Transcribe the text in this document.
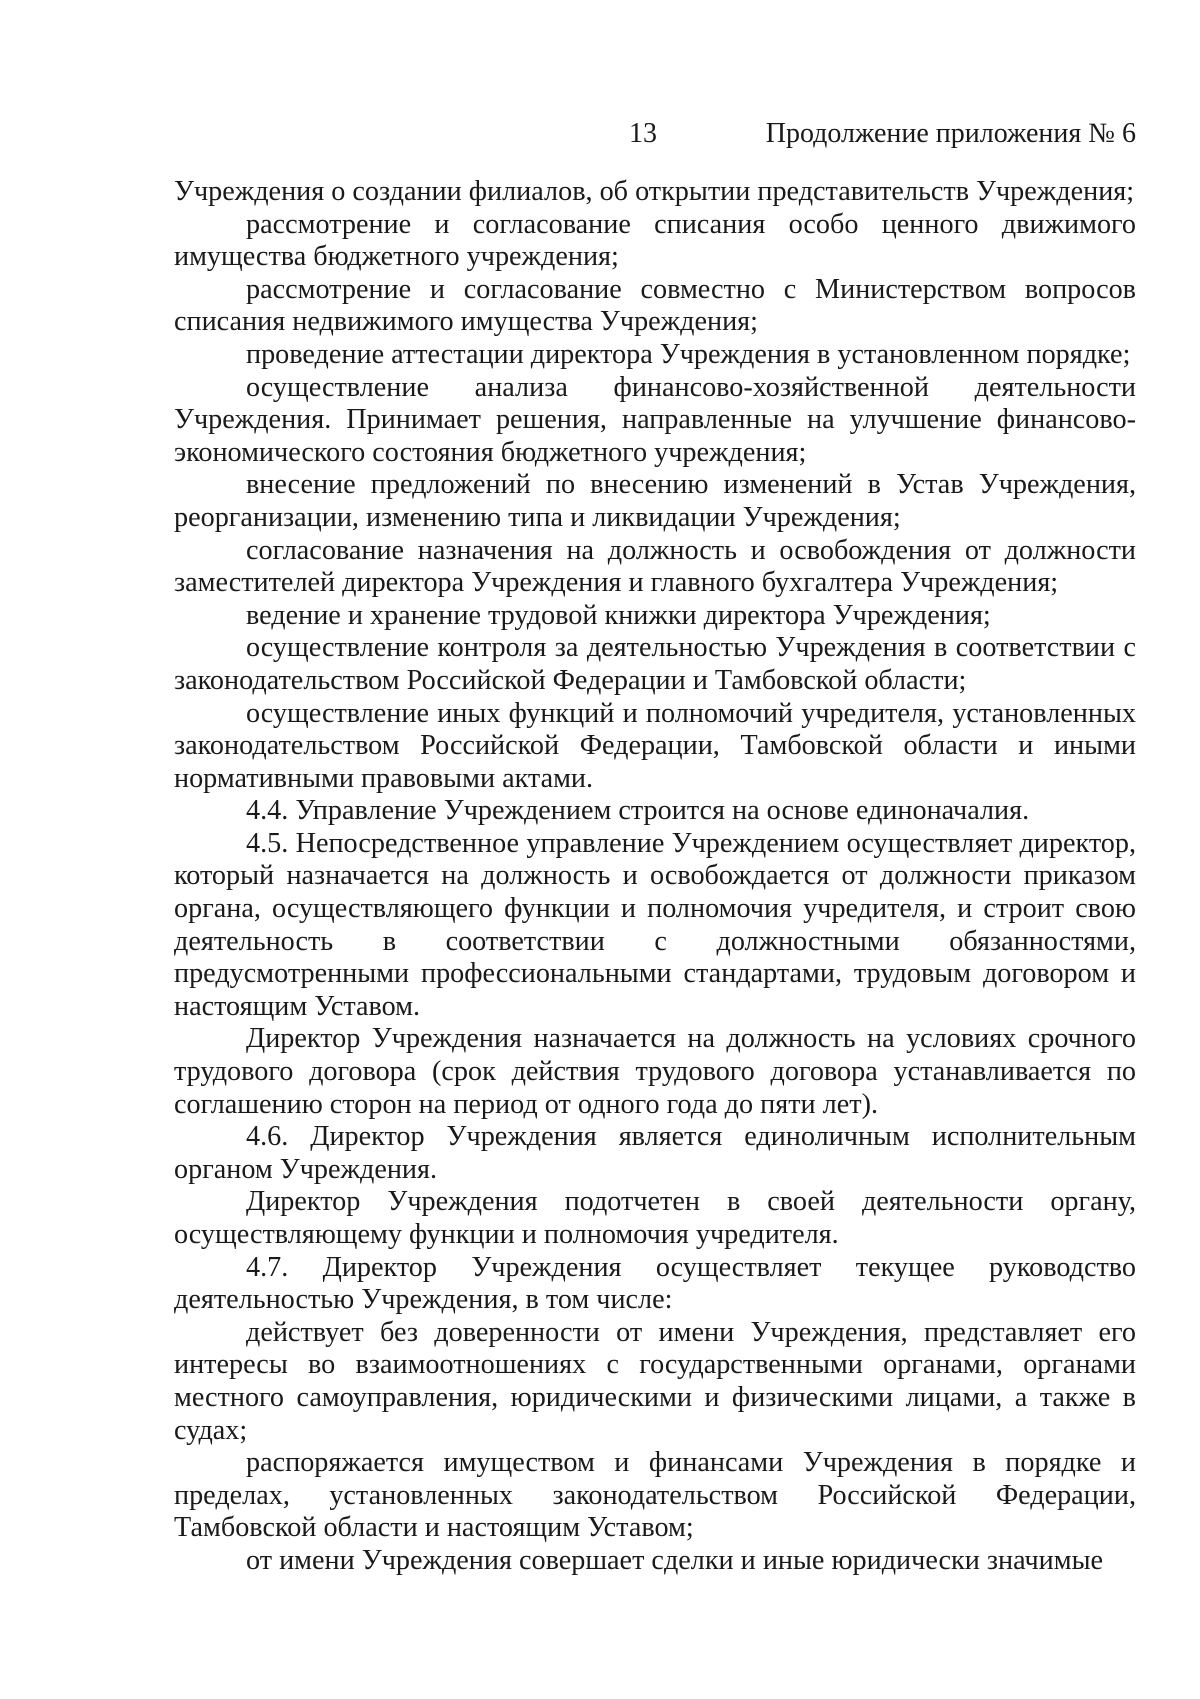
13	Продолжение приложения № 6

Учреждения о создании филиалов, об открытии представительств Учреждения;

рассмотрение и согласование списания особо ценного движимого имущества бюджетного учреждения;

рассмотрение и согласование совместно с Министерством вопросов списания недвижимого имущества Учреждения;

проведение аттестации директора Учреждения в установленном порядке;

осуществление анализа финансово-хозяйственной деятельности Учреждения. Принимает решения, направленные на улучшение финансово-экономического состояния бюджетного учреждения;

внесение предложений по внесению изменений в Устав Учреждения, реорганизации, изменению типа и ликвидации Учреждения;

согласование назначения на должность и освобождения от должности заместителей директора Учреждения и главного бухгалтера Учреждения;

ведение и хранение трудовой книжки директора Учреждения;

осуществление контроля за деятельностью Учреждения в соответствии с законодательством Российской Федерации и Тамбовской области;

осуществление иных функций и полномочий учредителя, установленных законодательством Российской Федерации, Тамбовской области и иными нормативными правовыми актами.

4.4. Управление Учреждением строится на основе единоначалия.

4.5. Непосредственное управление Учреждением осуществляет директор, который назначается на должность и освобождается от должности приказом органа, осуществляющего функции и полномочия учредителя, и строит свою деятельность в соответствии с должностными обязанностями, предусмотренными профессиональными стандартами, трудовым договором и настоящим Уставом.

Директор Учреждения назначается на должность на условиях срочного трудового договора (срок действия трудового договора устанавливается по соглашению сторон на период от одного года до пяти лет).

4.6. Директор Учреждения является единоличным исполнительным органом Учреждения.

Директор Учреждения подотчетен в своей деятельности органу, осуществляющему функции и полномочия учредителя.

4.7. Директор Учреждения осуществляет текущее руководство деятельностью Учреждения, в том числе:

действует без доверенности от имени Учреждения, представляет его интересы во взаимоотношениях с государственными органами, органами местного самоуправления, юридическими и физическими лицами, а также в судах;

распоряжается имуществом и финансами Учреждения в порядке и пределах, установленных законодательством Российской Федерации, Тамбовской области и настоящим Уставом;

от имени Учреждения совершает сделки и иные юридически значимые
